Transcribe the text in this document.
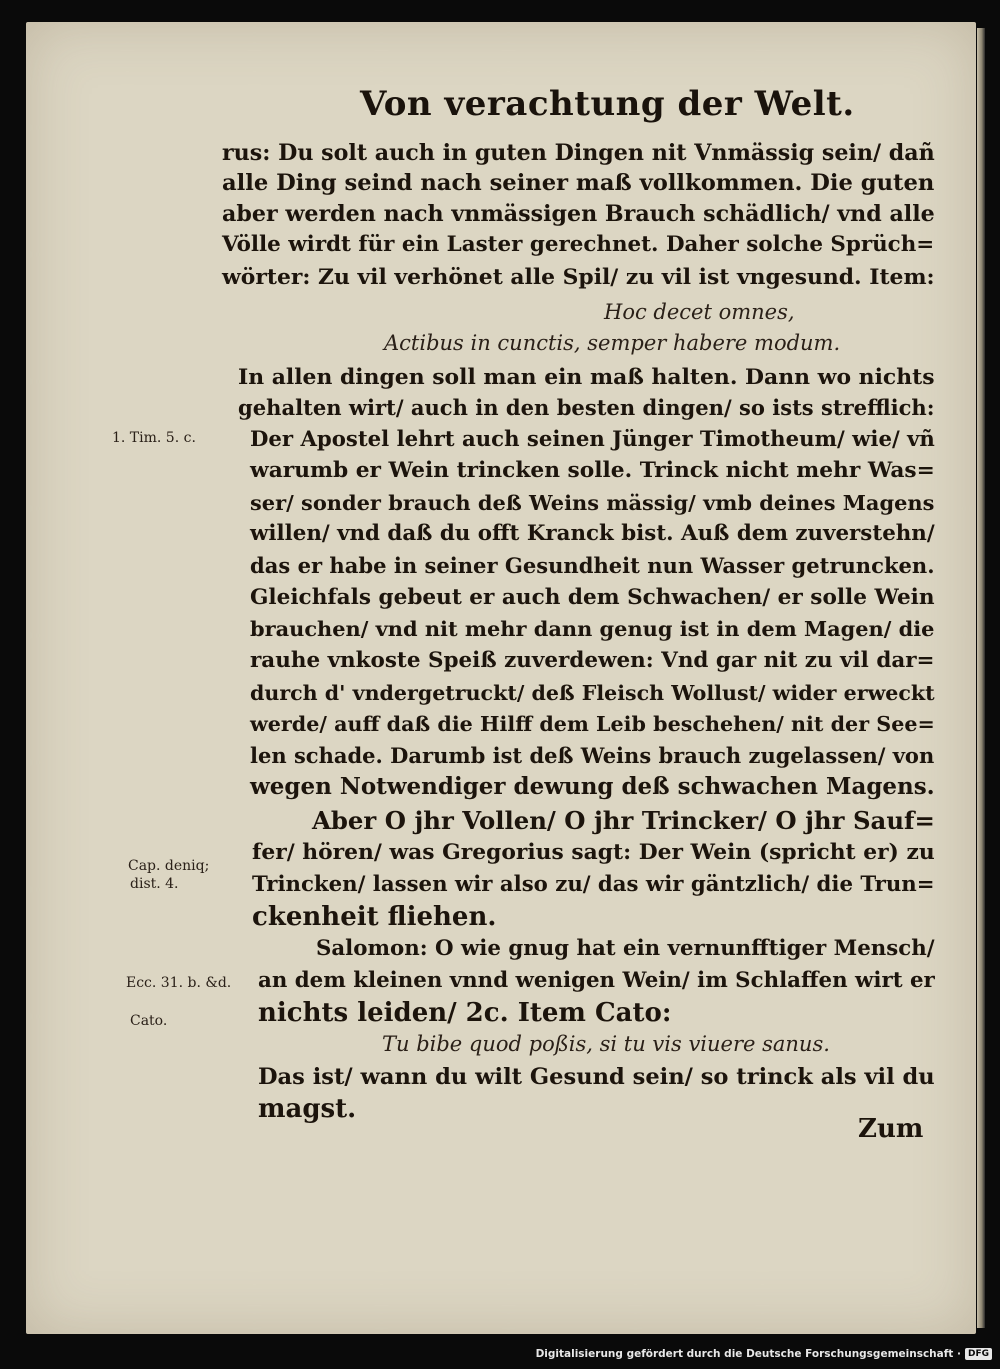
Von verachtung der Welt.
rus: Du solt auch in guten Dingen nit Vnmässig sein/ dañ
alle Ding seind nach seiner maß vollkommen. Die guten
aber werden nach vnmässigen Brauch schädlich/ vnd alle
Völle wirdt für ein Laster gerechnet. Daher solche Sprüch=
wörter: Zu vil verhönet alle Spil/ zu vil ist vngesund. Item:
In allen dingen soll man ein maß halten. Dann wo nichts
gehalten wirt/ auch in den besten dingen/ so ists strefflich:
Der Apostel lehrt auch seinen Jünger Timotheum/ wie/ vñ
warumb er Wein trincken solle. Trinck nicht mehr Was=
ser/ sonder brauch deß Weins mässig/ vmb deines Magens
willen/ vnd daß du offt Kranck bist. Auß dem zuverstehn/
das er habe in seiner Gesundheit nun Wasser getruncken.
Gleichfals gebeut er auch dem Schwachen/ er solle Wein
brauchen/ vnd nit mehr dann genug ist in dem Magen/ die
rauhe vnkoste Speiß zuverdewen: Vnd gar nit zu vil dar=
durch d' vndergetruckt/ deß Fleisch Wollust/ wider erweckt
werde/ auff daß die Hilff dem Leib beschehen/ nit der See=
len schade. Darumb ist deß Weins brauch zugelassen/ von
wegen Notwendiger dewung deß schwachen Magens.
Aber O jhr Vollen/ O jhr Trincker/ O jhr Sauf=
fer/ hören/ was Gregorius sagt: Der Wein (spricht er) zu
Trincken/ lassen wir also zu/ das wir gäntzlich/ die Trun=
ckenheit fliehen.
Salomon: O wie gnug hat ein vernunfftiger Mensch/
an dem kleinen vnnd wenigen Wein/ im Schlaffen wirt er
nichts leiden/ 2c. Item Cato:
Das ist/ wann du wilt Gesund sein/ so trinck als vil du
magst.
Hoc decet omnes,
Actibus in cunctis, semper habere modum.
Tu bibe quod poßis, si tu vis viuere sanus.
1. Tim. 5. c.
Cap. deniq;
dist. 4.
Ecc. 31. b. &d.
Cato.
Zum
Digitalisierung gefördert durch die Deutsche Forschungsgemeinschaft · DFG
